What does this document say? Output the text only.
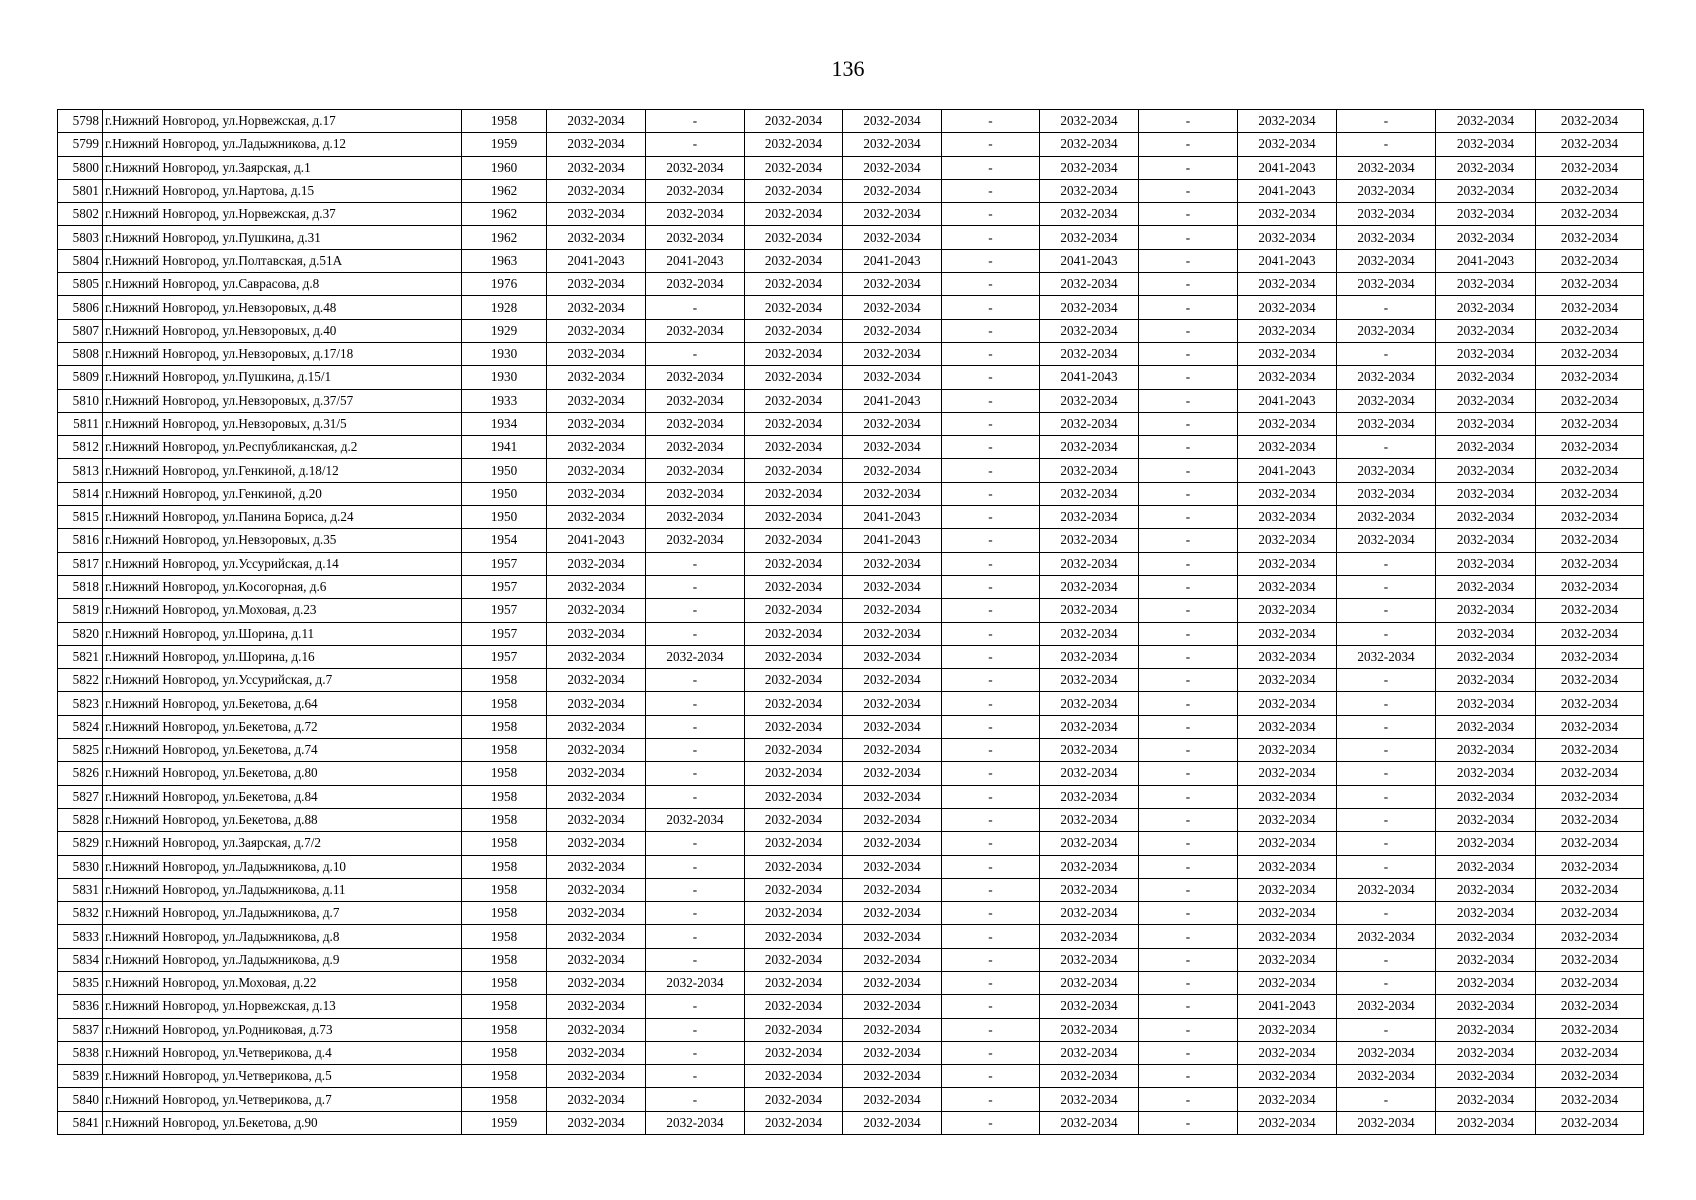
136
5798	г.Нижний Новгород, ул.Норвежская, д.17	1958	2032-2034	-	2032-2034	2032-2034	-	2032-2034	-	2032-2034	-	2032-2034	2032-2034
5799	г.Нижний Новгород, ул.Ладыжникова, д.12	1959	2032-2034	-	2032-2034	2032-2034	-	2032-2034	-	2032-2034	-	2032-2034	2032-2034
5800	г.Нижний Новгород, ул.Заярская, д.1	1960	2032-2034	2032-2034	2032-2034	2032-2034	-	2032-2034	-	2041-2043	2032-2034	2032-2034	2032-2034
5801	г.Нижний Новгород, ул.Нартова, д.15	1962	2032-2034	2032-2034	2032-2034	2032-2034	-	2032-2034	-	2041-2043	2032-2034	2032-2034	2032-2034
5802	г.Нижний Новгород, ул.Норвежская, д.37	1962	2032-2034	2032-2034	2032-2034	2032-2034	-	2032-2034	-	2032-2034	2032-2034	2032-2034	2032-2034
5803	г.Нижний Новгород, ул.Пушкина, д.31	1962	2032-2034	2032-2034	2032-2034	2032-2034	-	2032-2034	-	2032-2034	2032-2034	2032-2034	2032-2034
5804	г.Нижний Новгород, ул.Полтавская, д.51А	1963	2041-2043	2041-2043	2032-2034	2041-2043	-	2041-2043	-	2041-2043	2032-2034	2041-2043	2032-2034
5805	г.Нижний Новгород, ул.Саврасова, д.8	1976	2032-2034	2032-2034	2032-2034	2032-2034	-	2032-2034	-	2032-2034	2032-2034	2032-2034	2032-2034
5806	г.Нижний Новгород, ул.Невзоровых, д.48	1928	2032-2034	-	2032-2034	2032-2034	-	2032-2034	-	2032-2034	-	2032-2034	2032-2034
5807	г.Нижний Новгород, ул.Невзоровых, д.40	1929	2032-2034	2032-2034	2032-2034	2032-2034	-	2032-2034	-	2032-2034	2032-2034	2032-2034	2032-2034
5808	г.Нижний Новгород, ул.Невзоровых, д.17/18	1930	2032-2034	-	2032-2034	2032-2034	-	2032-2034	-	2032-2034	-	2032-2034	2032-2034
5809	г.Нижний Новгород, ул.Пушкина, д.15/1	1930	2032-2034	2032-2034	2032-2034	2032-2034	-	2041-2043	-	2032-2034	2032-2034	2032-2034	2032-2034
5810	г.Нижний Новгород, ул.Невзоровых, д.37/57	1933	2032-2034	2032-2034	2032-2034	2041-2043	-	2032-2034	-	2041-2043	2032-2034	2032-2034	2032-2034
5811	г.Нижний Новгород, ул.Невзоровых, д.31/5	1934	2032-2034	2032-2034	2032-2034	2032-2034	-	2032-2034	-	2032-2034	2032-2034	2032-2034	2032-2034
5812	г.Нижний Новгород, ул.Республиканская, д.2	1941	2032-2034	2032-2034	2032-2034	2032-2034	-	2032-2034	-	2032-2034	-	2032-2034	2032-2034
5813	г.Нижний Новгород, ул.Генкиной, д.18/12	1950	2032-2034	2032-2034	2032-2034	2032-2034	-	2032-2034	-	2041-2043	2032-2034	2032-2034	2032-2034
5814	г.Нижний Новгород, ул.Генкиной, д.20	1950	2032-2034	2032-2034	2032-2034	2032-2034	-	2032-2034	-	2032-2034	2032-2034	2032-2034	2032-2034
5815	г.Нижний Новгород, ул.Панина Бориса, д.24	1950	2032-2034	2032-2034	2032-2034	2041-2043	-	2032-2034	-	2032-2034	2032-2034	2032-2034	2032-2034
5816	г.Нижний Новгород, ул.Невзоровых, д.35	1954	2041-2043	2032-2034	2032-2034	2041-2043	-	2032-2034	-	2032-2034	2032-2034	2032-2034	2032-2034
5817	г.Нижний Новгород, ул.Уссурийская, д.14	1957	2032-2034	-	2032-2034	2032-2034	-	2032-2034	-	2032-2034	-	2032-2034	2032-2034
5818	г.Нижний Новгород, ул.Косогорная, д.6	1957	2032-2034	-	2032-2034	2032-2034	-	2032-2034	-	2032-2034	-	2032-2034	2032-2034
5819	г.Нижний Новгород, ул.Моховая, д.23	1957	2032-2034	-	2032-2034	2032-2034	-	2032-2034	-	2032-2034	-	2032-2034	2032-2034
5820	г.Нижний Новгород, ул.Шорина, д.11	1957	2032-2034	-	2032-2034	2032-2034	-	2032-2034	-	2032-2034	-	2032-2034	2032-2034
5821	г.Нижний Новгород, ул.Шорина, д.16	1957	2032-2034	2032-2034	2032-2034	2032-2034	-	2032-2034	-	2032-2034	2032-2034	2032-2034	2032-2034
5822	г.Нижний Новгород, ул.Уссурийская, д.7	1958	2032-2034	-	2032-2034	2032-2034	-	2032-2034	-	2032-2034	-	2032-2034	2032-2034
5823	г.Нижний Новгород, ул.Бекетова, д.64	1958	2032-2034	-	2032-2034	2032-2034	-	2032-2034	-	2032-2034	-	2032-2034	2032-2034
5824	г.Нижний Новгород, ул.Бекетова, д.72	1958	2032-2034	-	2032-2034	2032-2034	-	2032-2034	-	2032-2034	-	2032-2034	2032-2034
5825	г.Нижний Новгород, ул.Бекетова, д.74	1958	2032-2034	-	2032-2034	2032-2034	-	2032-2034	-	2032-2034	-	2032-2034	2032-2034
5826	г.Нижний Новгород, ул.Бекетова, д.80	1958	2032-2034	-	2032-2034	2032-2034	-	2032-2034	-	2032-2034	-	2032-2034	2032-2034
5827	г.Нижний Новгород, ул.Бекетова, д.84	1958	2032-2034	-	2032-2034	2032-2034	-	2032-2034	-	2032-2034	-	2032-2034	2032-2034
5828	г.Нижний Новгород, ул.Бекетова, д.88	1958	2032-2034	2032-2034	2032-2034	2032-2034	-	2032-2034	-	2032-2034	-	2032-2034	2032-2034
5829	г.Нижний Новгород, ул.Заярская, д.7/2	1958	2032-2034	-	2032-2034	2032-2034	-	2032-2034	-	2032-2034	-	2032-2034	2032-2034
5830	г.Нижний Новгород, ул.Ладыжникова, д.10	1958	2032-2034	-	2032-2034	2032-2034	-	2032-2034	-	2032-2034	-	2032-2034	2032-2034
5831	г.Нижний Новгород, ул.Ладыжникова, д.11	1958	2032-2034	-	2032-2034	2032-2034	-	2032-2034	-	2032-2034	2032-2034	2032-2034	2032-2034
5832	г.Нижний Новгород, ул.Ладыжникова, д.7	1958	2032-2034	-	2032-2034	2032-2034	-	2032-2034	-	2032-2034	-	2032-2034	2032-2034
5833	г.Нижний Новгород, ул.Ладыжникова, д.8	1958	2032-2034	-	2032-2034	2032-2034	-	2032-2034	-	2032-2034	2032-2034	2032-2034	2032-2034
5834	г.Нижний Новгород, ул.Ладыжникова, д.9	1958	2032-2034	-	2032-2034	2032-2034	-	2032-2034	-	2032-2034	-	2032-2034	2032-2034
5835	г.Нижний Новгород, ул.Моховая, д.22	1958	2032-2034	2032-2034	2032-2034	2032-2034	-	2032-2034	-	2032-2034	-	2032-2034	2032-2034
5836	г.Нижний Новгород, ул.Норвежская, д.13	1958	2032-2034	-	2032-2034	2032-2034	-	2032-2034	-	2041-2043	2032-2034	2032-2034	2032-2034
5837	г.Нижний Новгород, ул.Родниковая, д.73	1958	2032-2034	-	2032-2034	2032-2034	-	2032-2034	-	2032-2034	-	2032-2034	2032-2034
5838	г.Нижний Новгород, ул.Четверикова, д.4	1958	2032-2034	-	2032-2034	2032-2034	-	2032-2034	-	2032-2034	2032-2034	2032-2034	2032-2034
5839	г.Нижний Новгород, ул.Четверикова, д.5	1958	2032-2034	-	2032-2034	2032-2034	-	2032-2034	-	2032-2034	2032-2034	2032-2034	2032-2034
5840	г.Нижний Новгород, ул.Четверикова, д.7	1958	2032-2034	-	2032-2034	2032-2034	-	2032-2034	-	2032-2034	-	2032-2034	2032-2034
5841	г.Нижний Новгород, ул.Бекетова, д.90	1959	2032-2034	2032-2034	2032-2034	2032-2034	-	2032-2034	-	2032-2034	2032-2034	2032-2034	2032-2034
